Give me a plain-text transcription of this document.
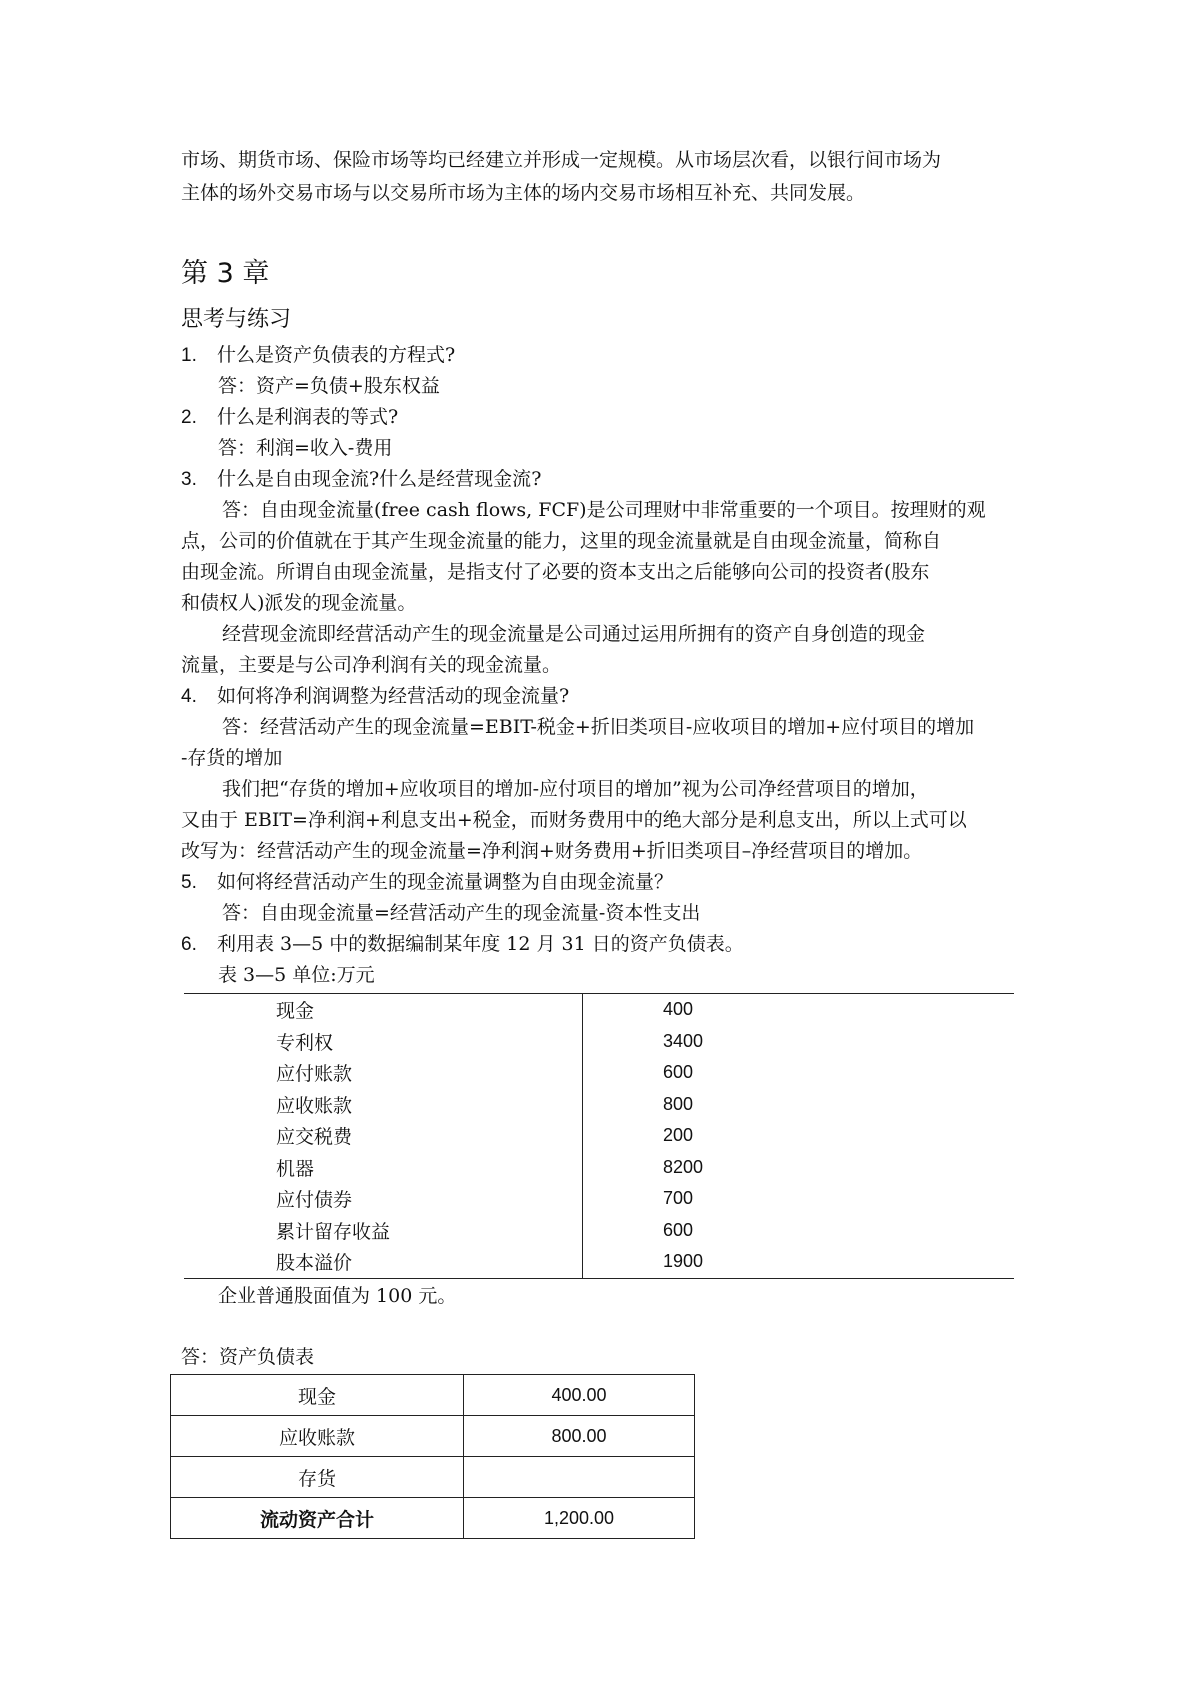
市场、期货市场、保险市场等均已经建立并形成一定规模。从市场层次看，以银行间市场为
主体的场外交易市场与以交易所市场为主体的场内交易市场相互补充、共同发展。
第 3 章
思考与练习
1. 什么是资产负债表的方程式?
答：资产=负债+股东权益
2. 什么是利润表的等式?
答：利润=收入-费用
3. 什么是自由现金流?什么是经营现金流?
答：自由现金流量(free cash flows, FCF)是公司理财中非常重要的一个项目。按理财的观
点，公司的价值就在于其产生现金流量的能力，这里的现金流量就是自由现金流量，简称自
由现金流。所谓自由现金流量，是指支付了必要的资本支出之后能够向公司的投资者(股东
和债权人)派发的现金流量。
经营现金流即经营活动产生的现金流量是公司通过运用所拥有的资产自身创造的现金
流量，主要是与公司净利润有关的现金流量。
4. 如何将净利润调整为经营活动的现金流量?
答：经营活动产生的现金流量=EBIT-税金+折旧类项目-应收项目的增加+应付项目的增加
-存货的增加
我们把“存货的增加+应收项目的增加-应付项目的增加”视为公司净经营项目的增加，
又由于 EBIT=净利润+利息支出+税金，而财务费用中的绝大部分是利息支出，所以上式可以
改写为：经营活动产生的现金流量=净利润+财务费用+折旧类项目–净经营项目的增加。
5. 如何将经营活动产生的现金流量调整为自由现金流量？
答：自由现金流量=经营活动产生的现金流量-资本性支出
6. 利用表 3—5 中的数据编制某年度 12 月 31 日的资产负债表。
表 3—5 单位:万元
现金	400
专利权	3400
应付账款	600
应收账款	800
应交税费	200
机器	8200
应付债券	700
累计留存收益	600
股本溢价	1900
企业普通股面值为 100 元。
答：资产负债表
现金	400.00
应收账款	800.00
存货	
流动资产合计	1,200.00
